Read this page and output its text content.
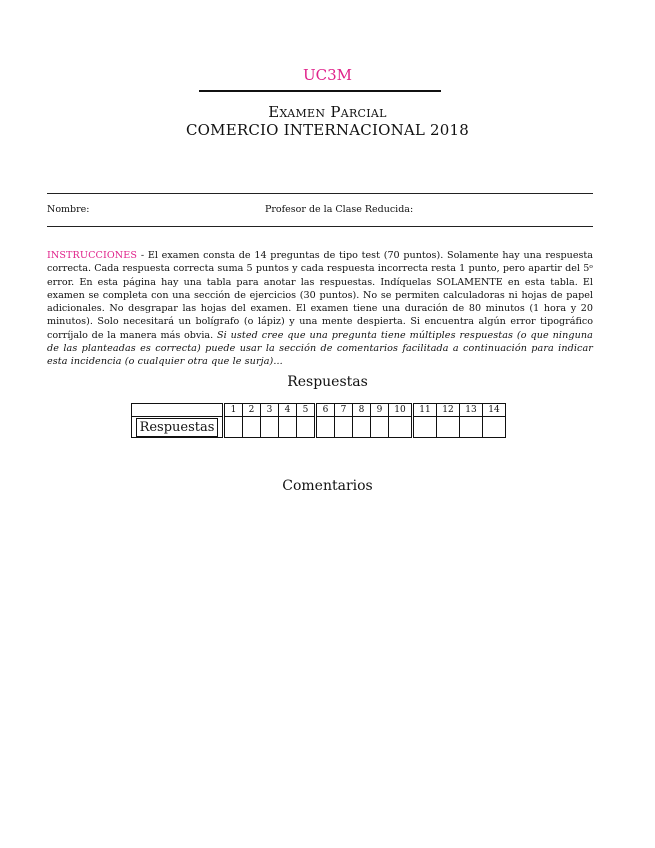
UC3M
Examen Parcial
COMERCIO INTERNACIONAL 2018
Nombre:	Profesor de la Clase Reducida:
INSTRUCCIONES - El examen consta de 14 preguntas de tipo test (70 puntos). Solamente hay una respuesta correcta. Cada respuesta correcta suma 5 puntos y cada respuesta incorrecta resta 1 punto, pero apartir del 5ᵒ error. En esta página hay una tabla para anotar las respuestas. Indíquelas SOLAMENTE en esta tabla. El examen se completa con una sección de ejercicios (30 puntos). No se permiten calculadoras ni hojas de papel adicionales. No desgrapar las hojas del examen. El examen tiene una duración de 80 minutos (1 hora y 20 minutos). Solo necesitará un bolígrafo (o lápiz) y una mente despierta. Si encuentra algún error tipográfico corríjalo de la manera más obvia. Si usted cree que una pregunta tiene múltiples respuestas (o que ninguna de las planteadas es correcta) puede usar la sección de comentarios facilitada a continuación para indicar esta incidencia (o cualquier otra que le surja)...
Respuestas
	1	2	3	4	5	6	7	8	9	10	11	12	13	14
Respuestas														
Comentarios
